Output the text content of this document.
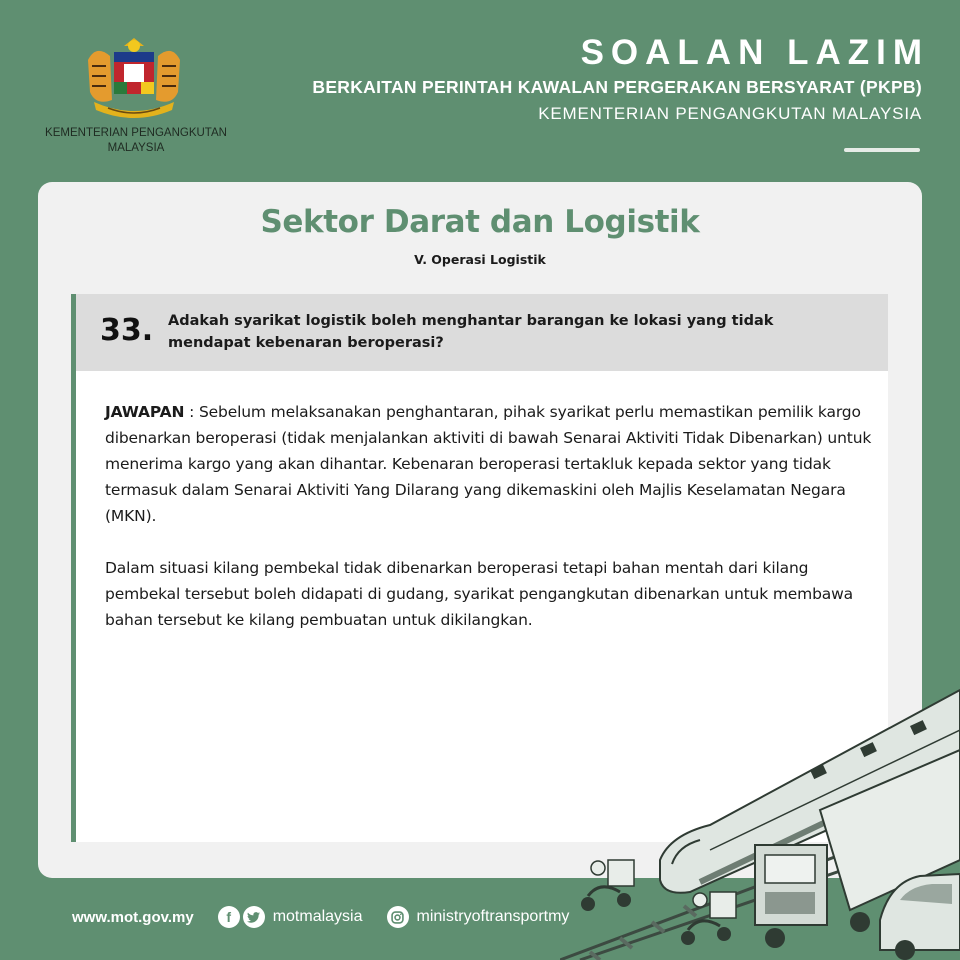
KEMENTERIAN PENGANGKUTAN
MALAYSIA
SOALAN LAZIM
BERKAITAN PERINTAH KAWALAN PERGERAKAN BERSYARAT (PKPB)
KEMENTERIAN PENGANGKUTAN MALAYSIA
Sektor Darat dan Logistik
V. Operasi Logistik
33. Adakah syarikat logistik boleh menghantar barangan ke lokasi yang tidak mendapat kebenaran beroperasi?

JAWAPAN : Sebelum melaksanakan penghantaran, pihak syarikat perlu memastikan pemilik kargo dibenarkan beroperasi (tidak menjalankan aktiviti di bawah Senarai Aktiviti Tidak Dibenarkan) untuk menerima kargo yang akan dihantar. Kebenaran beroperasi tertakluk kepada sektor yang tidak termasuk dalam Senarai Aktiviti Yang Dilarang yang dikemaskini oleh Majlis Keselamatan Negara (MKN).

Dalam situasi kilang pembekal tidak dibenarkan beroperasi tetapi bahan mentah dari kilang pembekal tersebut boleh didapati di gudang, syarikat pengangkutan dibenarkan untuk membawa bahan tersebut ke kilang pembuatan untuk dikilangkan.

www.mot.gov.my	f	motmalaysia	ministryoftransportmy
